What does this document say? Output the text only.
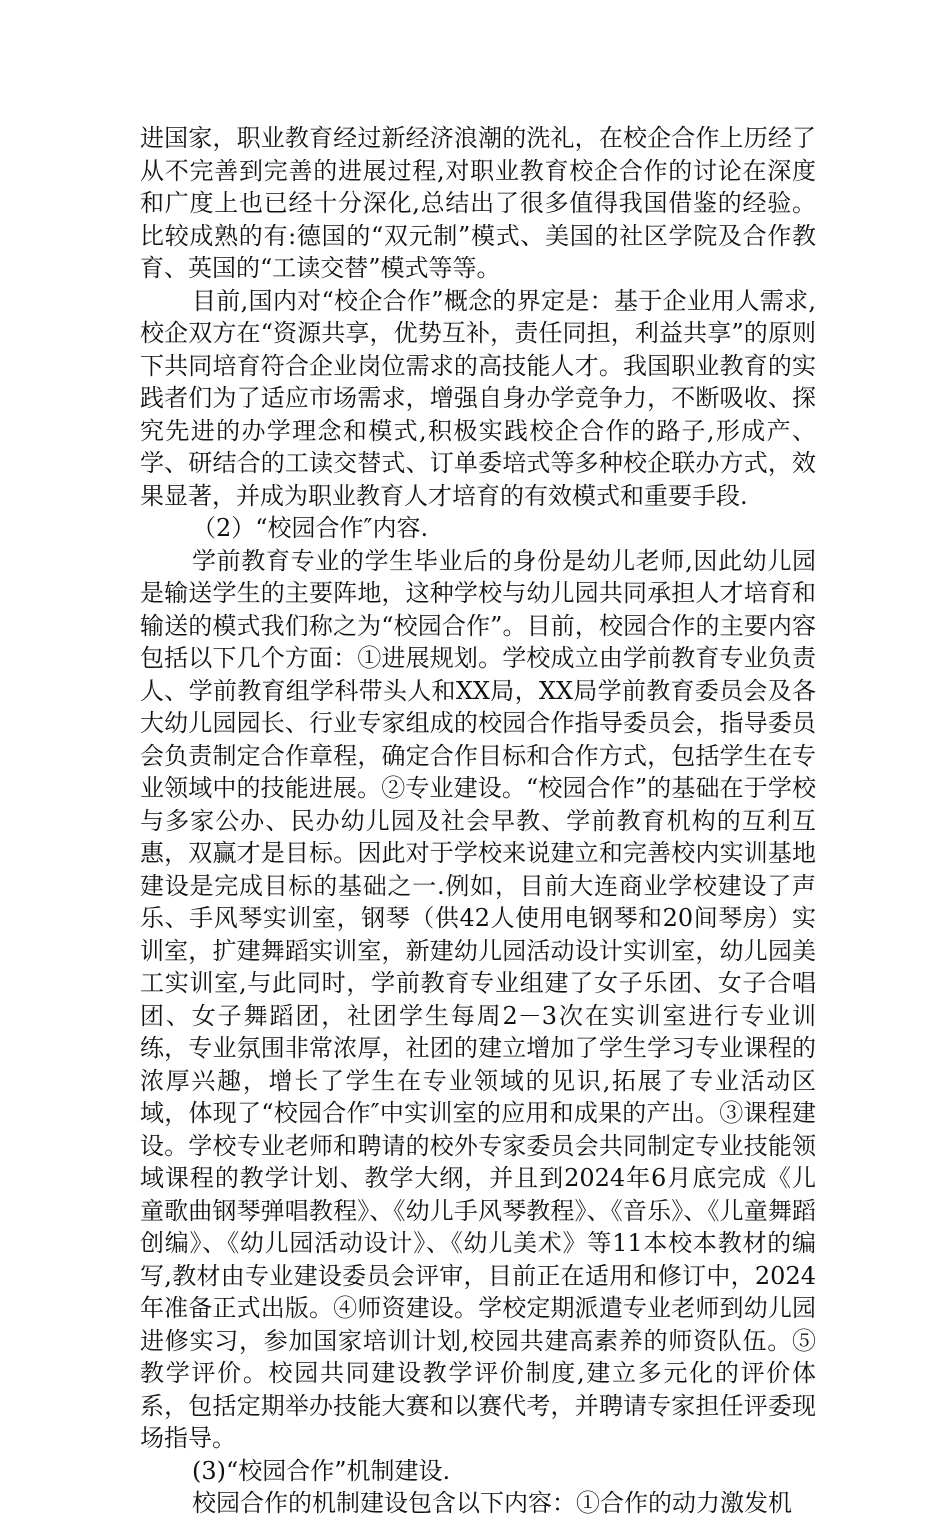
进国家，职业教育经过新经济浪潮的洗礼，在校企合作上历经了从不完善到完善的进展过程,对职业教育校企合作的讨论在深度和广度上也已经十分深化,总结出了很多值得我国借鉴的经验。比较成熟的有:德国的“双元制”模式、美国的社区学院及合作教育、英国的“工读交替”模式等等。

目前,国内对“校企合作”概念的界定是：基于企业用人需求,校企双方在“资源共享，优势互补，责任同担，利益共享”的原则下共同培育符合企业岗位需求的高技能人才。我国职业教育的实践者们为了适应市场需求，增强自身办学竞争力，不断吸收、探究先进的办学理念和模式,积极实践校企合作的路子,形成产、学、研结合的工读交替式、订单委培式等多种校企联办方式，效果显著，并成为职业教育人才培育的有效模式和重要手段.

（2）“校园合作″内容.

学前教育专业的学生毕业后的身份是幼儿老师,因此幼儿园是输送学生的主要阵地，这种学校与幼儿园共同承担人才培育和输送的模式我们称之为“校园合作”。目前，校园合作的主要内容包括以下几个方面：①进展规划。学校成立由学前教育专业负责人、学前教育组学科带头人和XX局，XX局学前教育委员会及各大幼儿园园长、行业专家组成的校园合作指导委员会，指导委员会负责制定合作章程，确定合作目标和合作方式，包括学生在专业领域中的技能进展。②专业建设。“校园合作”的基础在于学校与多家公办、民办幼儿园及社会早教、学前教育机构的互利互惠，双赢才是目标。因此对于学校来说建立和完善校内实训基地建设是完成目标的基础之一.例如，目前大连商业学校建设了声乐、手风琴实训室，钢琴（供42人使用电钢琴和20间琴房）实训室，扩建舞蹈实训室，新建幼儿园活动设计实训室，幼儿园美工实训室,与此同时，学前教育专业组建了女子乐团、女子合唱团、女子舞蹈团，社团学生每周2－3次在实训室进行专业训练，专业氛围非常浓厚，社团的建立增加了学生学习专业课程的浓厚兴趣，增长了学生在专业领域的见识,拓展了专业活动区域，体现了“校园合作″中实训室的应用和成果的产出。③课程建设。学校专业老师和聘请的校外专家委员会共同制定专业技能领域课程的教学计划、教学大纲，并且到2024年6月底完成《儿童歌曲钢琴弹唱教程》、《幼儿手风琴教程》、《音乐》、《儿童舞蹈创编》、《幼儿园活动设计》、《幼儿美术》等11本校本教材的编写,教材由专业建设委员会评审，目前正在适用和修订中，2024年准备正式出版。④师资建设。学校定期派遣专业老师到幼儿园进修实习，参加国家培训计划,校园共建高素养的师资队伍。⑤教学评价。校园共同建设教学评价制度,建立多元化的评价体系，包括定期举办技能大赛和以赛代考，并聘请专家担任评委现场指导。

(3)“校园合作”机制建设.

校园合作的机制建设包含以下内容：①合作的动力激发机
